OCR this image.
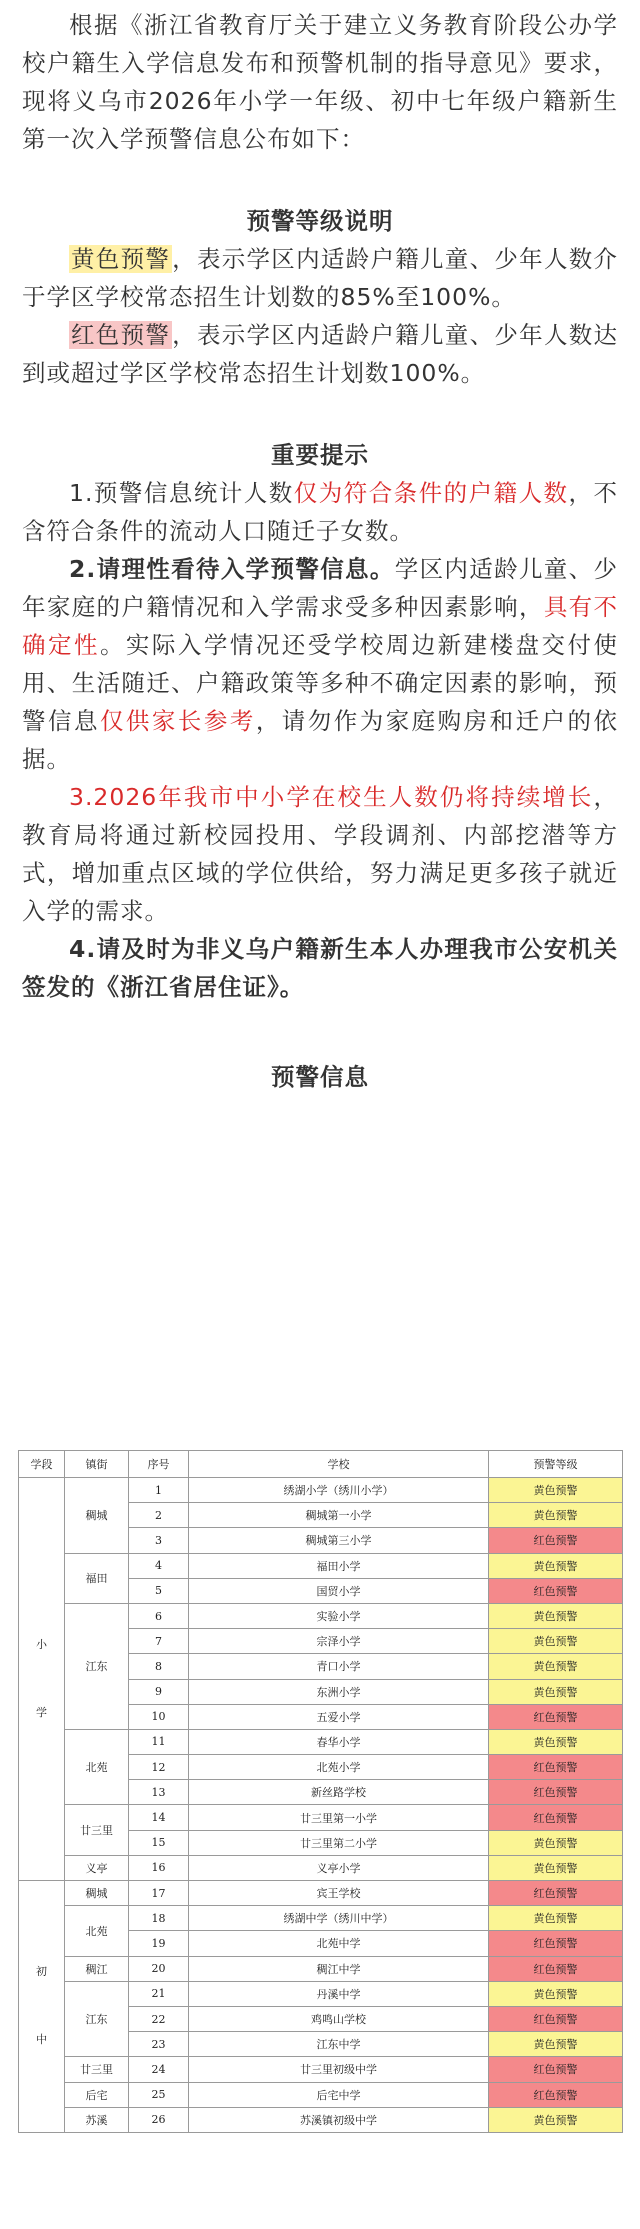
根据《浙江省教育厅关于建立义务教育阶段公办学校户籍生入学信息发布和预警机制的指导意见》要求，现将义乌市2026年小学一年级、初中七年级户籍新生第一次入学预警信息公布如下：

预警等级说明

黄色预警，表示学区内适龄户籍儿童、少年人数介于学区学校常态招生计划数的85%至100%。

红色预警，表示学区内适龄户籍儿童、少年人数达到或超过学区学校常态招生计划数100%。

重要提示

1.预警信息统计人数仅为符合条件的户籍人数，不含符合条件的流动人口随迁子女数。

2.请理性看待入学预警信息。学区内适龄儿童、少年家庭的户籍情况和入学需求受多种因素影响，具有不确定性。实际入学情况还受学校周边新建楼盘交付使用、生活随迁、户籍政策等多种不确定因素的影响，预警信息仅供家长参考，请勿作为家庭购房和迁户的依据。

3.2026年我市中小学在校生人数仍将持续增长，教育局将通过新校园投用、学段调剂、内部挖潜等方式，增加重点区域的学位供给，努力满足更多孩子就近入学的需求。

4.请及时为非义乌户籍新生本人办理我市公安机关签发的《浙江省居住证》。

预警信息

学段	镇街	序号	学校	预警等级
小

学	稠城	1	绣湖小学（绣川小学）	黄色预警
		2	稠城第一小学	黄色预警
		3	稠城第三小学	红色预警
	福田	4	福田小学	黄色预警
		5	国贸小学	红色预警
	江东	6	实验小学	黄色预警
		7	宗泽小学	黄色预警
		8	青口小学	黄色预警
		9	东洲小学	黄色预警
		10	五爱小学	红色预警
	北苑	11	春华小学	黄色预警
		12	北苑小学	红色预警
		13	新丝路学校	红色预警
	廿三里	14	廿三里第一小学	红色预警
		15	廿三里第二小学	黄色预警
	义亭	16	义亭小学	黄色预警
初

中	稠城	17	宾王学校	红色预警
	北苑	18	绣湖中学（绣川中学）	黄色预警
		19	北苑中学	红色预警
	稠江	20	稠江中学	红色预警
	江东	21	丹溪中学	黄色预警
		22	鸡鸣山学校	红色预警
		23	江东中学	黄色预警
	廿三里	24	廿三里初级中学	红色预警
	后宅	25	后宅中学	红色预警
	苏溪	26	苏溪镇初级中学	黄色预警
